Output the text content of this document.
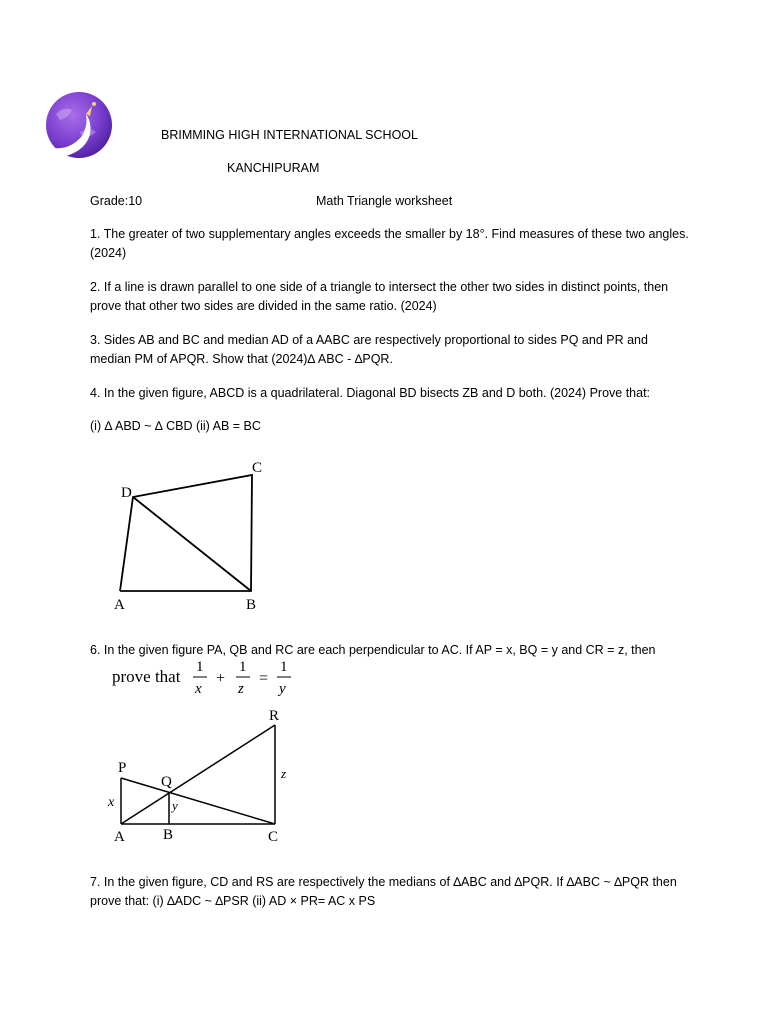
BRIMMING HIGH INTERNATIONAL SCHOOL
KANCHIPURAM
Grade:10	Math Triangle worksheet
1. The greater of two supplementary angles exceeds the smaller by 18°. Find measures of these two angles. (2024)
2. If a line is drawn parallel to one side of a triangle to intersect the other two sides in distinct points, then prove that other two sides are divided in the same ratio. (2024)
3. Sides AB and BC and median AD of a AABC are respectively proportional to sides PQ and PR and median PM of APQR. Show that (2024)∆ ABC - ∆PQR.
4. In the given figure, ABCD is a quadrilateral. Diagonal BD bisects ZB and D both. (2024) Prove that:
(i) ∆ ABD ~ ∆ CBD (ii) AB = BC
D
C
A	B
6. In the given figure PA, QB and RC are each perpendicular to AC. If AP = x, BQ = y and CR = z, then
prove that 1
x
+
1
z
=
1
y
P
Q
R
A	B	C
x	y
z
7. In the given figure, CD and RS are respectively the medians of ∆ABC and ∆PQR. If ∆ABC ~ ∆PQR then prove that: (i) ∆ADC ~ ∆PSR (ii) AD × PR= AC x PS
